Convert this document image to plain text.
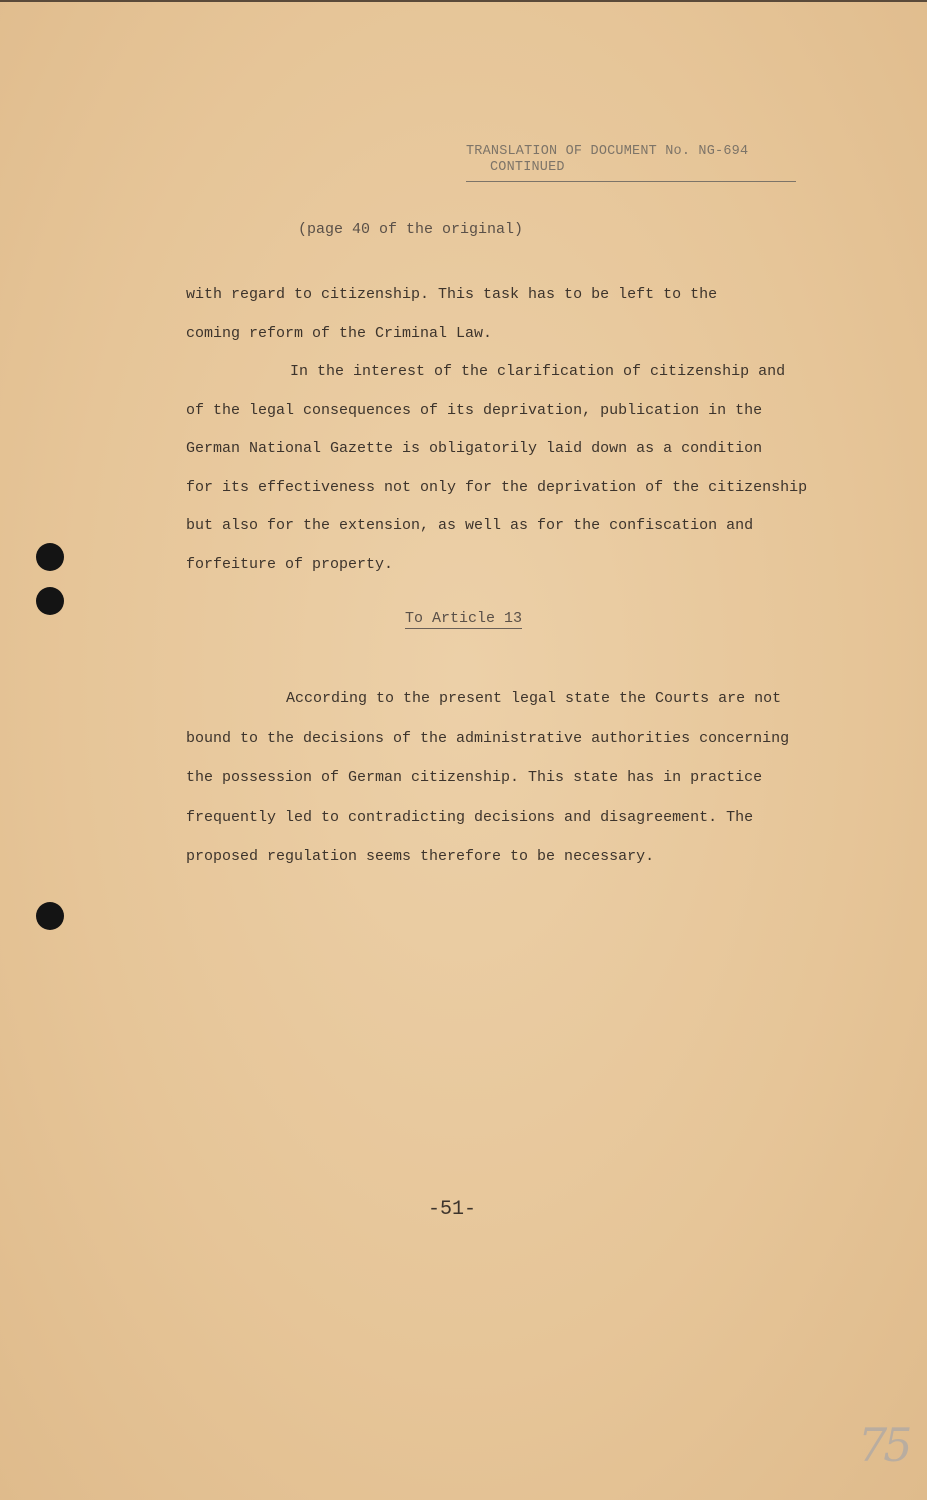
TRANSLATION OF DOCUMENT No. NG-694
CONTINUED
(page 40 of the original)

with regard to citizenship. This task has to be left to the
coming reform of the Criminal Law.

In the interest of the clarification of citizenship and
of the legal consequences of its deprivation, publication in the
German National Gazette is obligatorily laid down as a condition
for its effectiveness not only for the deprivation of the citizenship
but also for the extension, as well as for the confiscation and
forfeiture of property.

To Article 13

According to the present legal state the Courts are not
bound to the decisions of the administrative authorities concerning
the possession of German citizenship. This state has in practice
frequently led to contradicting decisions and disagreement. The
proposed regulation seems therefore to be necessary.

-51-
75
